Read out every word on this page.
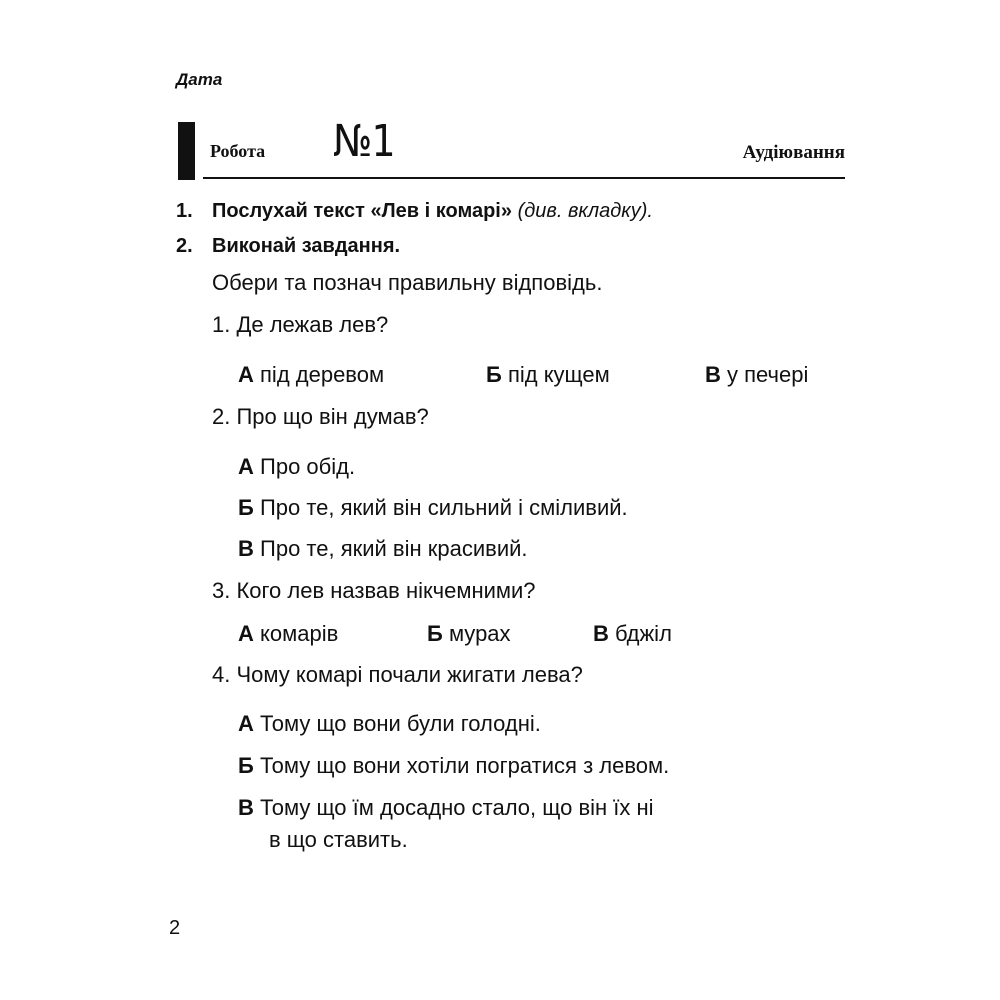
Дата
Робота №1	Аудіювання
1. Послухай текст «Лев і комарі» (див. вкладку).
2. Виконай завдання.
Обери та познач правильну відповідь.
1. Де лежав лев?
А під деревом	Б під кущем	В у печері
2. Про що він думав?
А Про обід.
Б Про те, який він сильний і сміливий.
В Про те, який він красивий.
3. Кого лев назвав нікчемними?
А комарів	Б мурах	В бджіл
4. Чому комарі почали жигати лева?
А Тому що вони були голодні.
Б Тому що вони хотіли погратися з левом.
В Тому що їм досадно стало, що він їх ні
в що ставить.
2
